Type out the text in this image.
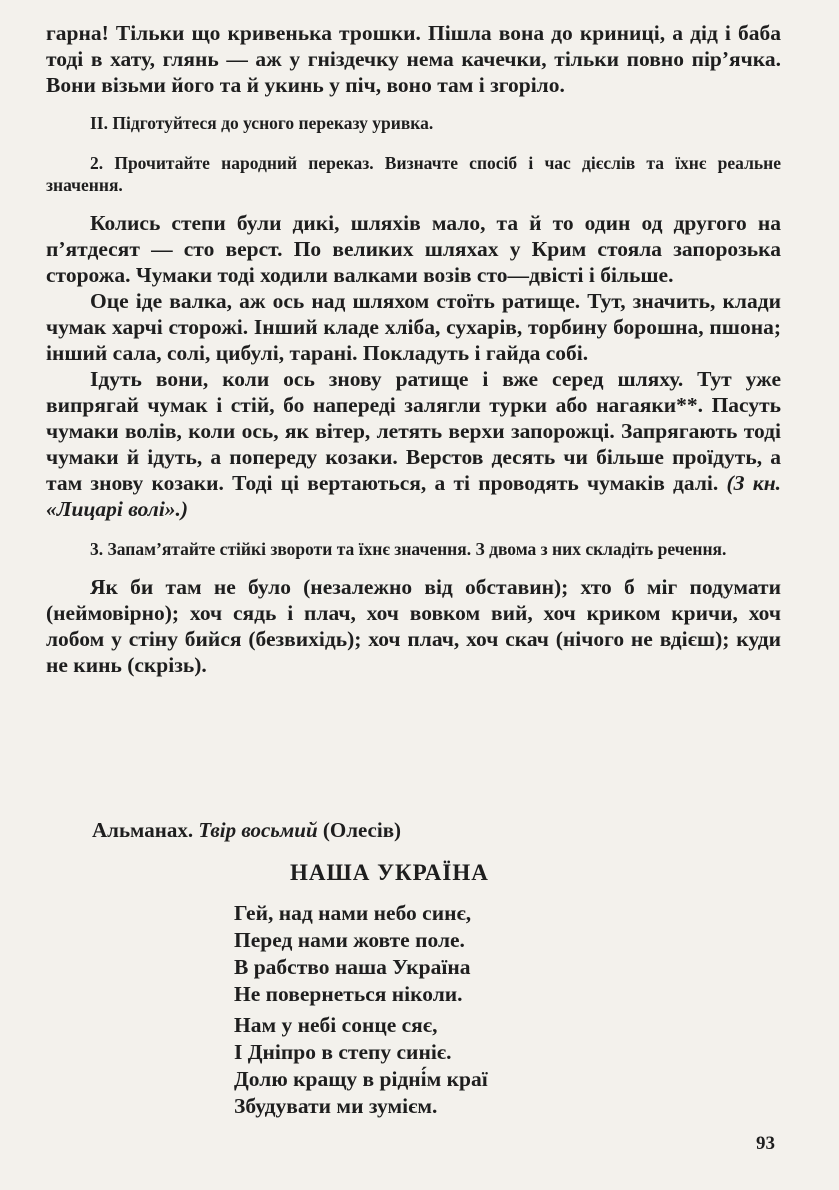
гарна! Тільки що кривенька трошки. Пішла вона до криниці, а дід і баба тоді в хату, глянь — аж у гніздечку нема качечки, тільки повно пір’ячка. Вони візьми його та й укинь у піч, воно там і згоріло.

ІІ. Підготуйтеся до усного переказу уривка.

2. Прочитайте народний переказ. Визначте спосіб і час дієслів та їхнє реальне значення.

Колись степи були дикі, шляхів мало, та й то один од другого на п’ятдесят — сто верст. По великих шляхах у Крим стояла запорозька сторожа. Чумаки тоді ходили валками возів сто—двісті і більше.

Оце іде валка, аж ось над шляхом стоїть ратище. Тут, значить, клади чумак харчі сторожі. Інший кладе хліба, сухарів, торбину борошна, пшона; інший сала, солі, цибулі, тарані. Покладуть і гайда собі.

Ідуть вони, коли ось знову ратище і вже серед шляху. Тут уже випрягай чумак і стій, бо напереді залягли турки або нагаяки**. Пасуть чумаки волів, коли ось, як вітер, летять верхи запорожці. Запрягають тоді чумаки й ідуть, а попереду козаки. Верстов десять чи більше проїдуть, а там знову козаки. Тоді ці вертаються, а ті проводять чумаків далі. (З кн. «Лицарі волі».)

3. Запам’ятайте стійкі звороти та їхнє значення. З двома з них складіть речення.

Як би там не було (незалежно від обставин); хто б міг подумати (неймовірно); хоч сядь і плач, хоч вовком вий, хоч криком кричи, хоч лобом у стіну бийся (безвихідь); хоч плач, хоч скач (нічого не вдієш); куди не кинь (скрізь).

Альманах. Твір восьмий (Олесів)

НАША УКРАЇНА

Гей, над нами небо синє,
Перед нами жовте поле.
В рабство наша Україна
Не повернеться ніколи.
Нам у небі сонце сяє,
І Дніпро в степу синіє.
Долю кращу в рідні́м краї
Збудувати ми зумієм.
93
